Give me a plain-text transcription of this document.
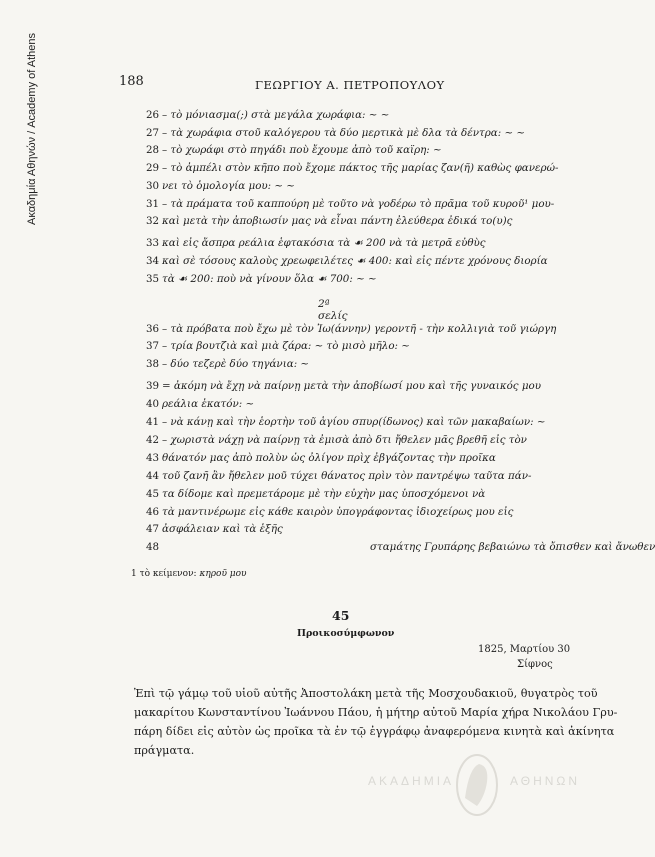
Ακαδημία Αθηνών / Academy of Athens	188	ΓΕΩΡΓΙΟΥ Α. ΠΕΤΡΟΠΟΥΛΟΥ
26 – τὸ μόνιασμα(;) στὰ μεγάλα χωράφια: ~ ~
27 – τὰ χωράφια στοῦ καλόγερου τὰ δύο μερτικὰ μὲ δλα τὰ δέντρα: ~ ~
28 – τὸ χωράφι στὸ πηγάδι ποὺ ἔχουμε ἀπὸ τοῦ καϊρη: ~
29 – τὸ ἀμπέλι στὸν κῆπο ποὺ ἔχομε πάκτος τῆς μαρίας ζαν(ῆ) καθὼς φανερώ-
30 νει τὸ ὁμολογία μου: ~ ~
31 – τὰ πράματα τοῦ καππούρη μὲ τοῦτο νὰ γοδέρω τὸ πρᾶμα τοῦ κυροῦ¹ μου-
32 καὶ μετὰ τὴν ἀποβιωσίν μας νὰ εἶναι πάντη ἐλεύθερα ἐδικά το(υ)ς
33 καὶ εἰς ἄσπρα ρεάλια ἑφτακόσια τὰ ☙ 200 νὰ τὰ μετρᾶ εὐθὺς
34 καὶ σὲ τόσους καλοὺς χρεωφειλέτες ☙ 400: καὶ εἰς πέντε χρόνους διορία
35 τὰ ☙ 200: ποὺ νὰ γίνουν ὅλα ☙ 700: ~ ~
2ª σελίς
36 – τὰ πρόβατα ποὺ ἔχω μὲ τὸν Ἰω(άννην) γεροντῆ - τὴν κολλιγιὰ τοῦ γιώργη
37 – τρία βουτζιὰ καὶ μιὰ ζάρα: ~ τὸ μισὸ μῆλο: ~
38 – δύο τεζερὲ δύο τηγάνια: ~
39 = ἀκόμη νὰ ἔχῃ νὰ παίρνῃ μετὰ τὴν ἀποβίωσί μου καὶ τῆς γυναικός μου
40 ρεάλια ἑκατόν: ~
41 – νὰ κάνῃ καὶ τὴν ἑορτὴν τοῦ ἁγίου σπυρ(ίδωνος) καὶ τῶν μακαβαίων: ~
42 – χωριστὰ νάχῃ νὰ παίρνῃ τὰ ἐμισὰ ἀπὸ δτι ἤθελεν μᾶς βρεθῆ εἰς τὸν
43 θάνατόν μας ἀπὸ πολὺν ὡς ὀλίγον πρὶχ ἐβγάζοντας τὴν προῖκα
44 τοῦ ζανῆ ἂν ἤθελεν μοῦ τύχει θάνατος πρὶν τὸν παντρέψω ταῦτα πάν-
45 τα δίδομε καὶ πρεμετάρομε μὲ τὴν εὐχὴν μας ὑποσχόμενοι νὰ
46 τὰ μαντινέρωμε εἰς κάθε καιρὸν ὑπογράφοντας ἰδιοχείρως μου εἰς
47 ἀσφάλειαν καὶ τὰ ἑξῆς
48	σταμάτης Γρυπάρης βεβαιώνω τὰ ὄπισθεν καὶ ἄνωθεν
1 τὸ κείμενον: κηροῦ μου
45
Προικοσύμφωνον
1825, Μαρτίου 30
Σίφνος
Ἐπὶ τῷ γάμῳ τοῦ υἱοῦ αὐτῆς Ἀποστολάκη μετὰ τῆς Μοσχουδακιοῦ, θυγατρὸς τοῦ
μακαρίτου Κωνσταντίνου Ἰωάννου Πάου, ἡ μήτηρ αὐτοῦ Μαρία χήρα Νικολάου Γρυ-
πάρη δίδει εἰς αὐτὸν ὡς προῖκα τὰ ἐν τῷ ἐγγράφῳ ἀναφερόμενα κινητὰ καὶ ἀκίνητα
πράγματα.
ΑΚΑΔΗΜΙΑ	ΑΘΗΝΩΝ
